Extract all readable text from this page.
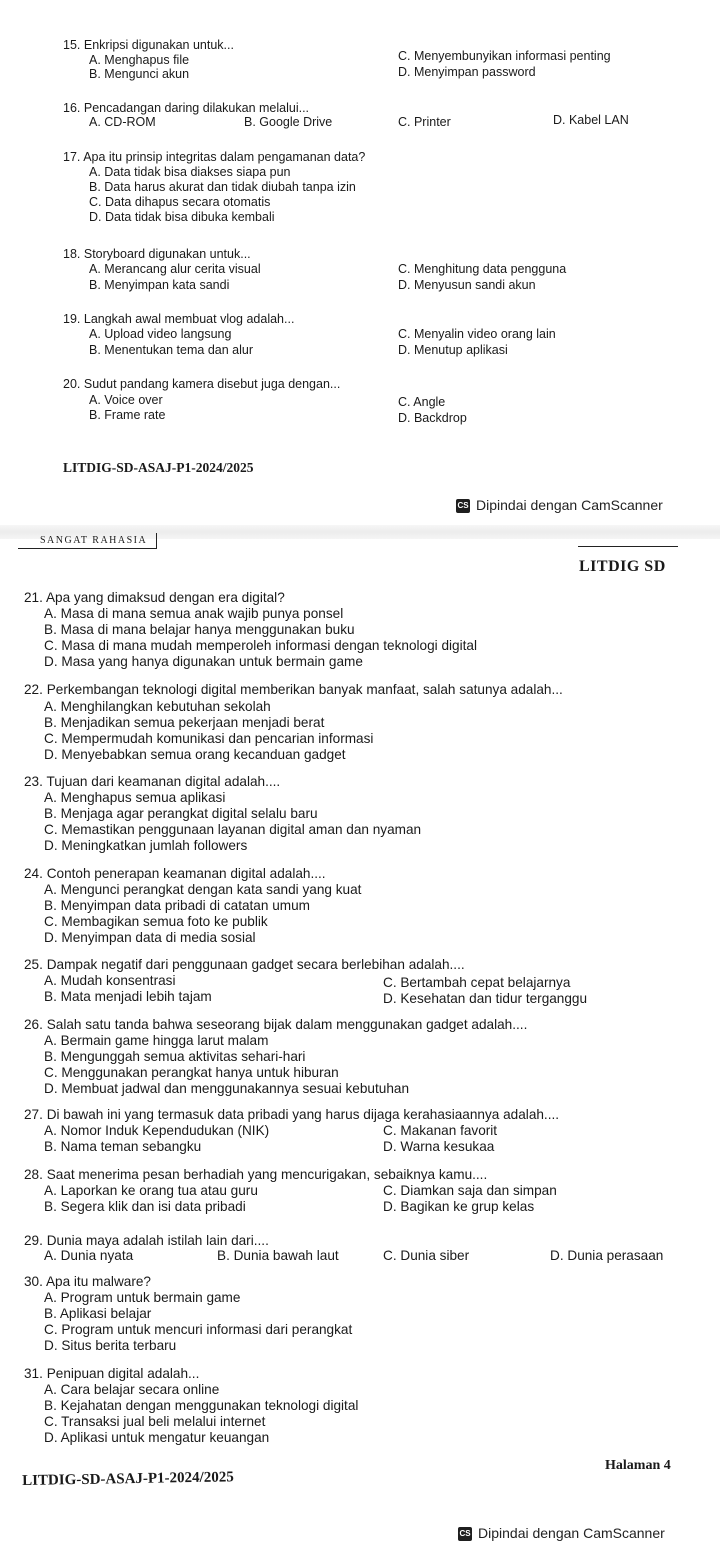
15. Enkripsi digunakan untuk...
A. Menghapus file
B. Mengunci akun
C. Menyembunyikan informasi penting
D. Menyimpan password
16. Pencadangan daring dilakukan melalui...
A. CD-ROM	B. Google Drive	C. Printer	D. Kabel LAN
17. Apa itu prinsip integritas dalam pengamanan data?
A. Data tidak bisa diakses siapa pun
B. Data harus akurat dan tidak diubah tanpa izin
C. Data dihapus secara otomatis
D. Data tidak bisa dibuka kembali
18. Storyboard digunakan untuk...
A. Merancang alur cerita visual
B. Menyimpan kata sandi
C. Menghitung data pengguna
D. Menyusun sandi akun
19. Langkah awal membuat vlog adalah...
A. Upload video langsung
B. Menentukan tema dan alur
C. Menyalin video orang lain
D. Menutup aplikasi
20. Sudut pandang kamera disebut juga dengan...
A. Voice over
B. Frame rate
C. Angle
D. Backdrop
LITDIG-SD-ASAJ-P1-2024/2025
CS Dipindai dengan CamScanner
SANGAT RAHASIA
LITDIG SD
21. Apa yang dimaksud dengan era digital?
A. Masa di mana semua anak wajib punya ponsel
B. Masa di mana belajar hanya menggunakan buku
C. Masa di mana mudah memperoleh informasi dengan teknologi digital
D. Masa yang hanya digunakan untuk bermain game
22. Perkembangan teknologi digital memberikan banyak manfaat, salah satunya adalah...
A. Menghilangkan kebutuhan sekolah
B. Menjadikan semua pekerjaan menjadi berat
C. Mempermudah komunikasi dan pencarian informasi
D. Menyebabkan semua orang kecanduan gadget
23. Tujuan dari keamanan digital adalah....
A. Menghapus semua aplikasi
B. Menjaga agar perangkat digital selalu baru
C. Memastikan penggunaan layanan digital aman dan nyaman
D. Meningkatkan jumlah followers
24. Contoh penerapan keamanan digital adalah....
A. Mengunci perangkat dengan kata sandi yang kuat
B. Menyimpan data pribadi di catatan umum
C. Membagikan semua foto ke publik
D. Menyimpan data di media sosial
25. Dampak negatif dari penggunaan gadget secara berlebihan adalah....
A. Mudah konsentrasi
B. Mata menjadi lebih tajam
C. Bertambah cepat belajarnya
D. Kesehatan dan tidur terganggu
26. Salah satu tanda bahwa seseorang bijak dalam menggunakan gadget adalah....
A. Bermain game hingga larut malam
B. Mengunggah semua aktivitas sehari-hari
C. Menggunakan perangkat hanya untuk hiburan
D. Membuat jadwal dan menggunakannya sesuai kebutuhan
27. Di bawah ini yang termasuk data pribadi yang harus dijaga kerahasiaannya adalah....
A. Nomor Induk Kependudukan (NIK)
B. Nama teman sebangku
C. Makanan favorit
D. Warna kesukaa
28. Saat menerima pesan berhadiah yang mencurigakan, sebaiknya kamu....
A. Laporkan ke orang tua atau guru
B. Segera klik dan isi data pribadi
C. Diamkan saja dan simpan
D. Bagikan ke grup kelas
29. Dunia maya adalah istilah lain dari....
A. Dunia nyata	B. Dunia bawah laut	C. Dunia siber	D. Dunia perasaan
30. Apa itu malware?
A. Program untuk bermain game
B. Aplikasi belajar
C. Program untuk mencuri informasi dari perangkat
D. Situs berita terbaru
31. Penipuan digital adalah...
A. Cara belajar secara online
B. Kejahatan dengan menggunakan teknologi digital
C. Transaksi jual beli melalui internet
D. Aplikasi untuk mengatur keuangan
LITDIG-SD-ASAJ-P1-2024/2025
Halaman 4
CS Dipindai dengan CamScanner
